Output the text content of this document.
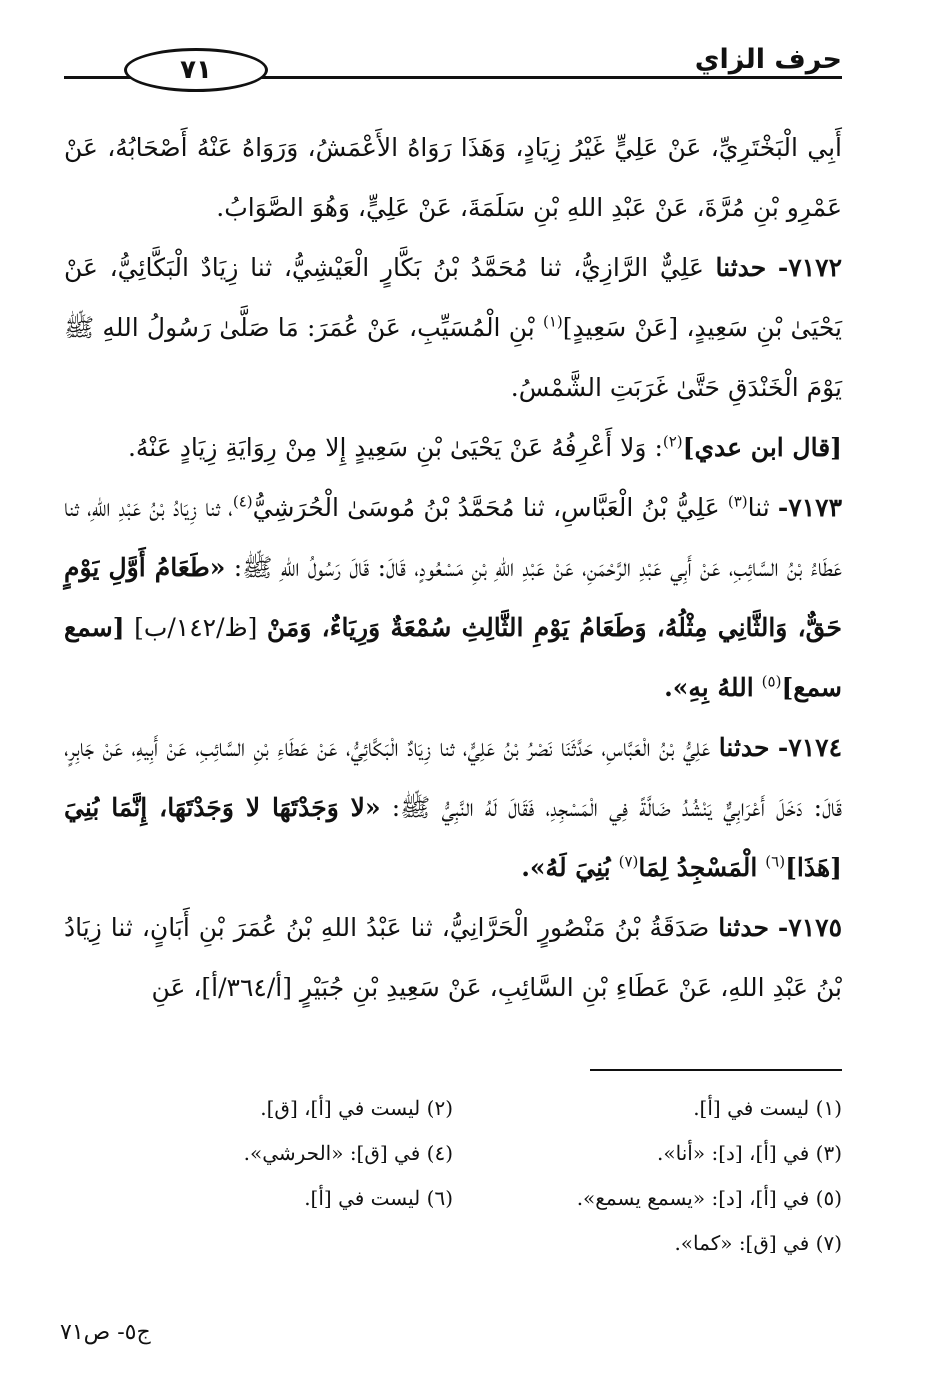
٧١	حرف الزاي

أَبِي الْبَخْتَرِيِّ، عَنْ عَلِيٍّ غَيْرُ زِيَادٍ، وَهَذَا رَوَاهُ الأَعْمَشُ، وَرَوَاهُ عَنْهُ أَصْحَابُهُ، عَنْ عَمْرِو بْنِ مُرَّةَ، عَنْ عَبْدِ اللهِ بْنِ سَلَمَةَ، عَنْ عَلِيٍّ، وَهُوَ الصَّوَابُ.

٧١٧٢- حدثنا عَلِيٌّ الرَّازِيُّ، ثنا مُحَمَّدُ بْنُ بَكَّارٍ الْعَيْشِيُّ، ثنا زِيَادٌ الْبَكَّائِيُّ، عَنْ يَحْيَىٰ بْنِ سَعِيدٍ، [عَنْ سَعِيدٍ]$^{(١)}$ بْنِ الْمُسَيِّبِ، عَنْ عُمَرَ: مَا صَلَّىٰ رَسُولُ اللهِ ﷺ يَوْمَ الْخَنْدَقِ حَتَّىٰ غَرَبَتِ الشَّمْسُ.

[قال ابن عدي]$^{(٢)}$: وَلا أَعْرِفُهُ عَنْ يَحْيَىٰ بْنِ سَعِيدٍ إِلا مِنْ رِوَايَةِ زِيَادٍ عَنْهُ.

٧١٧٣- ثنا$^{(٣)}$ عَلِيُّ بْنُ الْعَبَّاسِ، ثنا مُحَمَّدُ بْنُ مُوسَىٰ الْحُرَشِيُّ$^{(٤)}$، ثنا زِيَادُ بْنُ عَبْدِ اللهِ، ثنا عَطَاءُ بْنُ السَّائِبِ، عَنْ أَبِي عَبْدِ الرَّحْمَنِ، عَنْ عَبْدِ اللهِ بْنِ مَسْعُودٍ، قَالَ: قَالَ رَسُولُ اللهِ ﷺ: «طَعَامُ أَوَّلِ يَوْمٍ حَقٌّ، وَالثَّانِي مِثْلُهُ، وَطَعَامُ يَوْمِ الثَّالِثِ سُمْعَةٌ وَرِيَاءٌ، وَمَنْ [ظ/١٤٢/ب] [سمع سمع]$^{(٥)}$ اللهُ بِهِ».

٧١٧٤- حدثنا عَلِيُّ بْنُ الْعَبَّاسِ، حَدَّثَنَا نَصْرُ بْنُ عَلِيٍّ، ثنا زِيَادٌ الْبَكَّائِيُّ، عَنْ عَطَاءِ بْنِ السَّائِبِ، عَنْ أَبِيهِ، عَنْ جَابِرٍ، قَالَ: دَخَلَ أَعْرَابِيٌّ يَنْشُدُ ضَالَّةً فِي الْمَسْجِدِ، فَقَالَ لَهُ النَّبِيُّ ﷺ: «لا وَجَدْتَهَا لا وَجَدْتَهَا، إِنَّمَا بُنِيَ [هَذَا]$^{(٦)}$ الْمَسْجِدُ لِمَا$^{(٧)}$ بُنِيَ لَهُ».

٧١٧٥- حدثنا صَدَقَةُ بْنُ مَنْصُورٍ الْحَرَّانِيُّ، ثنا عَبْدُ اللهِ بْنُ عُمَرَ بْنِ أَبَانٍ، ثنا زِيَادُ بْنُ عَبْدِ اللهِ، عَنْ عَطَاءِ بْنِ السَّائِبِ، عَنْ سَعِيدِ بْنِ جُبَيْرٍ [أ/٣٦٤/أ]، عَنِ

(١) ليست في [أ].
(٢) ليست في [أ]، [ق].
(٣) في [أ]، [د]: «أنا».
(٤) في [ق]: «الحرشي».
(٥) في [أ]، [د]: «يسمع يسمع».
(٦) ليست في [أ].
(٧) في [ق]: «كما».
ج٥- ص٧١
